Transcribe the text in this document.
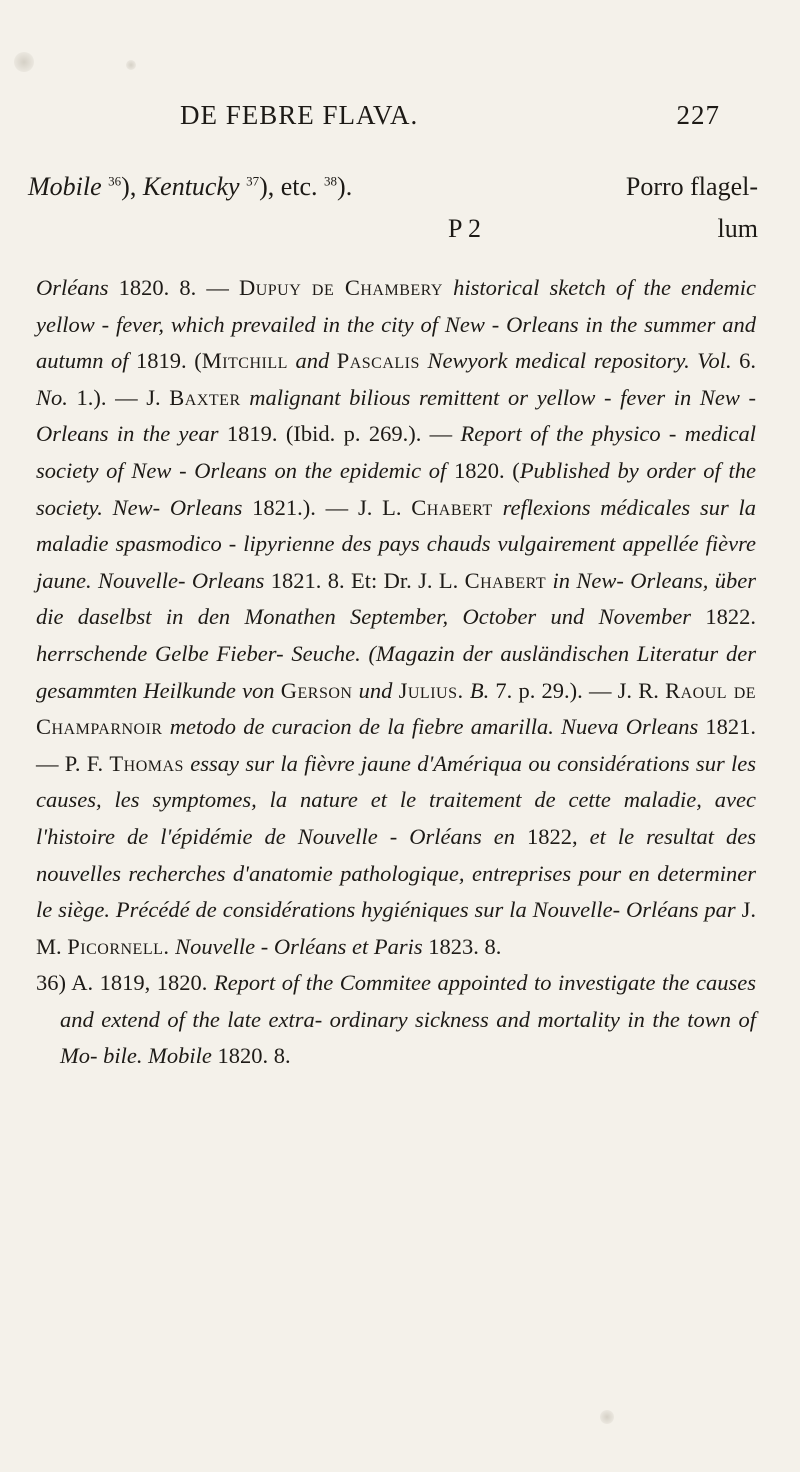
DE FEBRE FLAVA.	227
Mobile $^{36}$), Kentucky $^{37}$), etc. $^{38}$).	Porro flagel-
P 2	lum

Orléans 1820. 8. — Dupuy de Chambery historical sketch of the endemic yellow - fever, which prevailed in the city of New - Orleans in the summer and autumn of 1819. (Mitchill and Pascalis Newyork medical repository. Vol. 6. No. 1.). — J. Baxter malignant bilious remittent or yellow - fever in New - Orleans in the year 1819. (Ibid. p. 269.). — Report of the physico - medical society of New - Orleans on the epidemic of 1820. (Published by order of the society. New- Orleans 1821.). — J. L. Chabert reflexions médicales sur la maladie spasmodico - lipyrienne des pays chauds vulgairement appellée fièvre jaune. Nouvelle- Orleans 1821. 8. Et: Dr. J. L. Chabert in New- Orleans, über die daselbst in den Monathen September, October und November 1822. herrschende Gelbe Fieber- Seuche. (Magazin der ausländischen Literatur der gesammten Heilkunde von Gerson und Julius. B. 7. p. 29.). — J. R. Raoul de Champarnoir metodo de curacion de la fiebre amarilla. Nueva Orleans 1821. — P. F. Thomas essay sur la fièvre jaune d'Amériqua ou considérations sur les causes, les symptomes, la nature et le traitement de cette maladie, avec l'histoire de l'épidémie de Nouvelle - Orléans en 1822, et le resultat des nouvelles recherches d'anatomie pathologique, entreprises pour en determiner le siège. Précédé de considérations hygiéniques sur la Nouvelle- Orléans par J. M. Picornell. Nouvelle - Orléans et Paris 1823. 8.

36) A. 1819, 1820. Report of the Commitee appointed to investigate the causes and extend of the late extra- ordinary sickness and mortality in the town of Mo- bile. Mobile 1820. 8.
